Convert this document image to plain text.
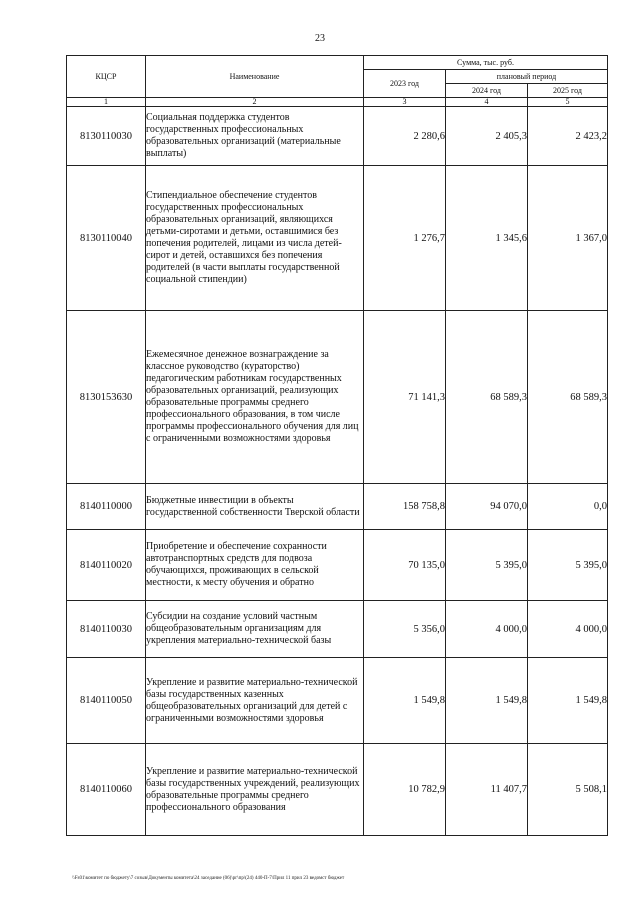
23
КЦСР	Наименование	Сумма, тыс. руб.		
		2023 год	плановый период	
			2024 год	2025 год
1	2	3	4	5
8130110030	Социальная поддержка студентов государственных профессиональных образовательных организаций (материальные выплаты)	2 280,6	2 405,3	2 423,2
8130110040	Стипендиальное обеспечение студентов государственных профессиональных образовательных организаций, являющихся детьми-сиротами и детьми, оставшимися без попечения родителей, лицами из числа детей-сирот и детей, оставшихся без попечения родителей (в части выплаты государственной социальной стипендии)	1 276,7	1 345,6	1 367,0
8130153630	Ежемесячное денежное вознаграждение за классное руководство (кураторство) педагогическим работникам государственных образовательных организаций, реализующих образовательные программы среднего профессионального образования, в том числе программы профессионального обучения для лиц с ограниченными возможностями здоровья	71 141,3	68 589,3	68 589,3
8140110000	Бюджетные инвестиции в объекты государственной собственности Тверской области	158 758,8	94 070,0	0,0
8140110020	Приобретение и обеспечение сохранности автотранспортных средств для подвоза обучающихся, проживающих в сельской местности, к месту обучения и обратно	70 135,0	5 395,0	5 395,0
8140110030	Субсидии на создание условий частным общеобразовательным организациям для укрепления материально-технической базы	5 356,0	4 000,0	4 000,0
8140110050	Укрепление и развитие материально-технической базы государственных казенных общеобразовательных организаций для детей с ограниченными возможностями здоровья	1 549,8	1 549,8	1 549,8
8140110060	Укрепление и развитие материально-технической базы государственных учреждений, реализующих образовательные программы среднего профессионального образования	10 782,9	11 407,7	5 508,1
\\Fs01\комитет по бюджету\7 созыв\Документы комитета\24 заседание (06)\рг\пр\(24) 440-П-7\Прил 11 прил 23 ведомст бюджет
